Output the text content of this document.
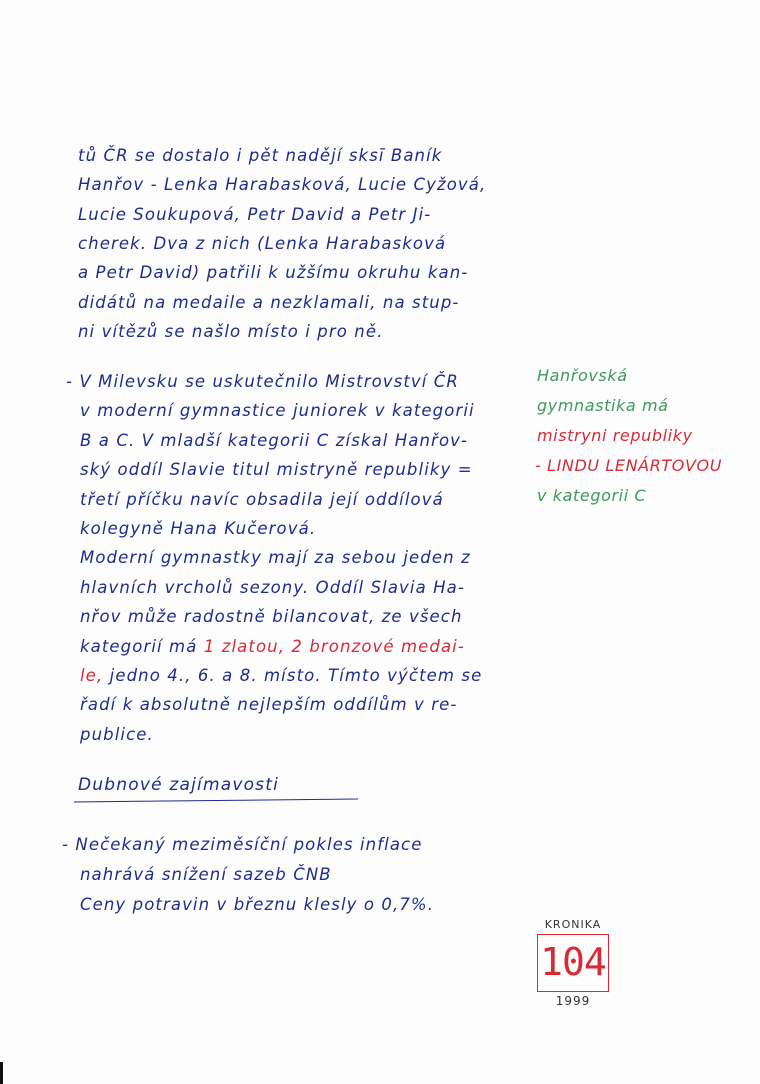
tů ČR se dostalo i pět nadějí sksī Baník
Hanřov - Lenka Harabasková, Lucie Cyžová,
Lucie Soukupová, Petr David a Petr Ji-
cherek. Dva z nich (Lenka Harabasková
a Petr David) patřili k užšímu okruhu kan-
didátů na medaile a nezklamali, na stup-
ni vítězů se našlo místo i pro ně.
- V Milevsku se uskutečnilo Mistrovství ČR
v moderní gymnastice juniorek v kategorii
B a C. V mladší kategorii C získal Hanřov-
ský oddíl Slavie titul mistryně republiky =
třetí příčku navíc obsadila její oddílová
kolegyně Hana Kučerová.
Moderní gymnastky mají za sebou jeden z
hlavních vrcholů sezony. Oddíl Slavia Ha-
nřov může radostně bilancovat, ze všech
kategorií má 1 zlatou, 2 bronzové medai-
le, jedno 4., 6. a 8. místo. Tímto výčtem se
řadí k absolutně nejlepším oddílům v re-
publice.
Hanřovská
gymnastika má
mistryni republiky
- LINDU LENÁRTOVOU
v kategorii C
Dubnové zajímavosti
- Nečekaný meziměsíční pokles inflace
nahrává snížení sazeb ČNB
Ceny potravin v březnu klesly o 0,7%.
KRONIKA
104
1999
